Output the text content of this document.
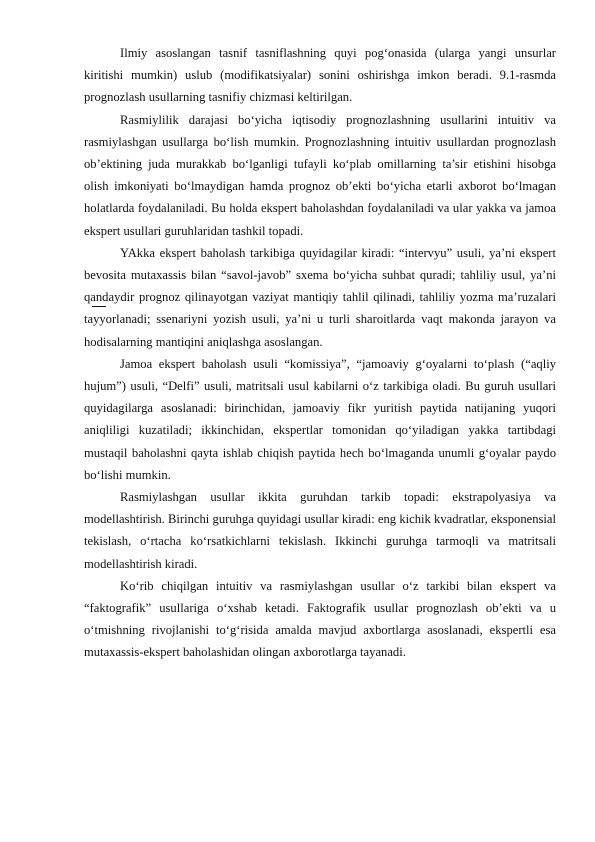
Ilmiy asoslangan tasnif tasniflashning quyi pog‘onasida (ularga yangi unsurlar kiritishi mumkin) uslub (modifikatsiyalar) sonini oshirishga imkon beradi. 9.1-rasmda prognozlash usullarning tasnifiy chizmasi keltirilgan.

Rasmiylilik darajasi bo‘yicha iqtisodiy prognozlashning usullarini intuitiv va rasmiylashgan usullarga bo‘lish mumkin. Prognozlashning intuitiv usullardan prognozlash ob’ektining juda murakkab bo‘lganligi tufayli ko‘plab omillarning ta’sir etishini hisobga olish imkoniyati bo‘lmaydigan hamda prognoz ob’ekti bo‘yicha etarli axborot bo‘lmagan holatlarda foydalaniladi. Bu holda ekspert baholashdan foydalaniladi va ular yakka va jamoa ekspert usullari guruhlaridan tashkil topadi.

YAkka ekspert baholash tarkibiga quyidagilar kiradi: “intervyu” usuli, ya’ni ekspert bevosita mutaxassis bilan “savol-javob” sxema bo‘yicha suhbat quradi; tahliliy usul, ya’ni qandaydir prognoz qilinayotgan vaziyat mantiqiy tahlil qilinadi, tahliliy yozma ma’ruzalari tayyorlanadi; ssenariyni yozish usuli, ya’ni u turli sharoitlarda vaqt makonda jarayon va hodisalarning mantiqini aniqlashga asoslangan.

Jamoa ekspert baholash usuli “komissiya”, “jamoaviy g‘oyalarni to‘plash (“aqliy hujum”) usuli, “Delfi” usuli, matritsali usul kabilarni o‘z tarkibiga oladi. Bu guruh usullari quyidagilarga asoslanadi: birinchidan, jamoaviy fikr yuritish paytida natijaning yuqori aniqliligi kuzatiladi; ikkinchidan, ekspertlar tomonidan qo‘yiladigan yakka tartibdagi mustaqil baholashni qayta ishlab chiqish paytida hech bo‘lmaganda unumli g‘oyalar paydo bo‘lishi mumkin.

Rasmiylashgan usullar ikkita guruhdan tarkib topadi: ekstrapolyasiya va modellashtirish. Birinchi guruhga quyidagi usullar kiradi: eng kichik kvadratlar, eksponensial tekislash, o‘rtacha ko‘rsatkichlarni tekislash. Ikkinchi guruhga tarmoqli va matritsali modellashtirish kiradi.

Ko‘rib chiqilgan intuitiv va rasmiylashgan usullar o‘z tarkibi bilan ekspert va “faktografik” usullariga o‘xshab ketadi. Faktografik usullar prognozlash ob’ekti va u o‘tmishning rivojlanishi to‘g‘risida amalda mavjud axbortlarga asoslanadi, ekspertli esa mutaxassis-ekspert baholashidan olingan axborotlarga tayanadi.
